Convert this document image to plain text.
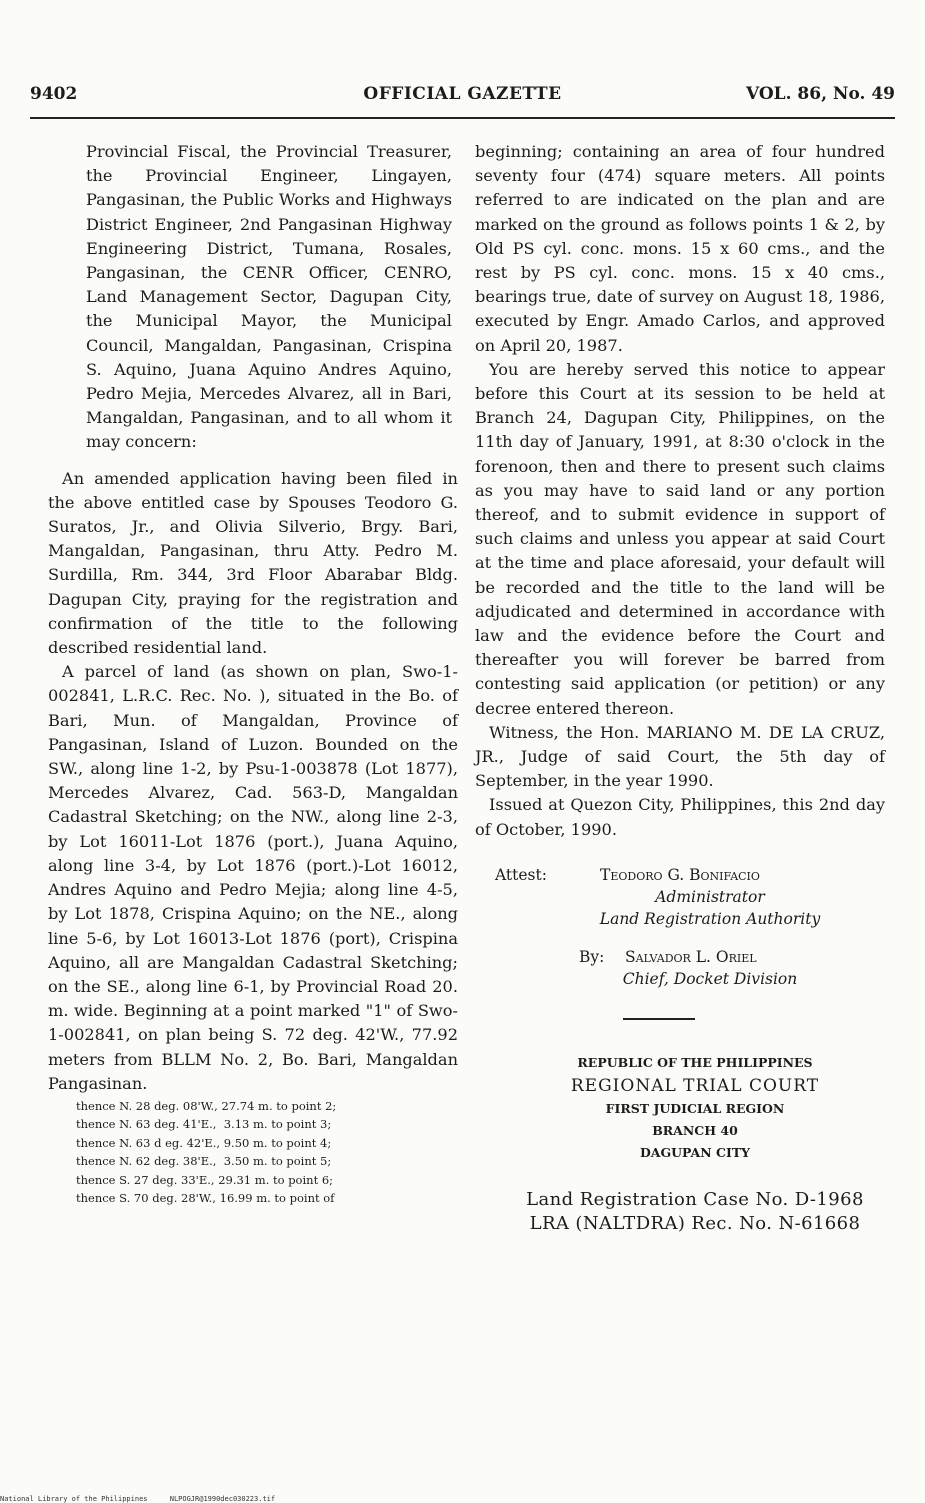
9402	OFFICIAL GAZETTE	VOL. 86, No. 49

Provincial Fiscal, the Provincial Treasurer, the Provincial Engineer, Lingayen, Pangasinan, the Public Works and Highways District Engineer, 2nd Pangasinan Highway Engineering District, Tumana, Rosales, Pangasinan, the CENR Officer, CENRO, Land Management Sector, Dagupan City, the Municipal Mayor, the Municipal Council, Mangaldan, Pangasinan, Crispina S. Aquino, Juana Aquino Andres Aquino, Pedro Mejia, Mercedes Alvarez, all in Bari, Mangaldan, Pangasinan, and to all whom it may concern:

An amended application having been filed in the above entitled case by Spouses Teodoro G. Suratos, Jr., and Olivia Silverio, Brgy. Bari, Mangaldan, Pangasinan, thru Atty. Pedro M. Surdilla, Rm. 344, 3rd Floor Abarabar Bldg. Dagupan City, praying for the registration and confirmation of the title to the following described residential land.

A parcel of land (as shown on plan, Swo-1-002841, L.R.C. Rec. No. ), situated in the Bo. of Bari, Mun. of Mangaldan, Province of Pangasinan, Island of Luzon. Bounded on the SW., along line 1-2, by Psu-1-003878 (Lot 1877), Mercedes Alvarez, Cad. 563-D, Mangaldan Cadastral Sketching; on the NW., along line 2-3, by Lot 16011-Lot 1876 (port.), Juana Aquino, along line 3-4, by Lot 1876 (port.)-Lot 16012, Andres Aquino and Pedro Mejia; along line 4-5, by Lot 1878, Crispina Aquino; on the NE., along line 5-6, by Lot 16013-Lot 1876 (port), Crispina Aquino, all are Mangaldan Cadastral Sketching; on the SE., along line 6-1, by Provincial Road 20. m. wide. Beginning at a point marked "1" of Swo-1-002841, on plan being S. 72 deg. 42'W., 77.92 meters from BLLM No. 2, Bo. Bari, Mangaldan Pangasinan.

thence N. 28 deg. 08'W., 27.74 m. to point 2;
thence N. 63 deg. 41'E.,  3.13 m. to point 3;
thence N. 63 d eg. 42'E., 9.50 m. to point 4;
thence N. 62 deg. 38'E.,  3.50 m. to point 5;
thence S. 27 deg. 33'E., 29.31 m. to point 6;
thence S. 70 deg. 28'W., 16.99 m. to point of

beginning; containing an area of four hundred seventy four (474) square meters. All points referred to are indicated on the plan and are marked on the ground as follows points 1 & 2, by Old PS cyl. conc. mons. 15 x 60 cms., and the rest by PS cyl. conc. mons. 15 x 40 cms., bearings true, date of survey on August 18, 1986, executed by Engr. Amado Carlos, and approved on April 20, 1987.

You are hereby served this notice to appear before this Court at its session to be held at Branch 24, Dagupan City, Philippines, on the 11th day of January, 1991, at 8:30 o'clock in the forenoon, then and there to present such claims as you may have to said land or any portion thereof, and to submit evidence in support of such claims and unless you appear at said Court at the time and place aforesaid, your default will be recorded and the title to the land will be adjudicated and determined in accordance with law and the evidence before the Court and thereafter you will forever be barred from contesting said application (or petition) or any decree entered thereon.

Witness, the Hon. MARIANO M. DE LA CRUZ, JR., Judge of said Court, the 5th day of September, in the year 1990.

Issued at Quezon City, Philippines, this 2nd day of October, 1990.

Attest:	Teodoro G. Bonifacio
Administrator
Land Registration Authority
By: Salvador L. Oriel
Chief, Docket Division
REPUBLIC OF THE PHILIPPINES
REGIONAL TRIAL COURT
FIRST JUDICIAL REGION
BRANCH 40
DAGUPAN CITY
Land Registration Case No. D-1968
LRA (NALTDRA) Rec. No. N-61668
National Library of the Philippines	NLPOGJR@1990dec030223.tif
